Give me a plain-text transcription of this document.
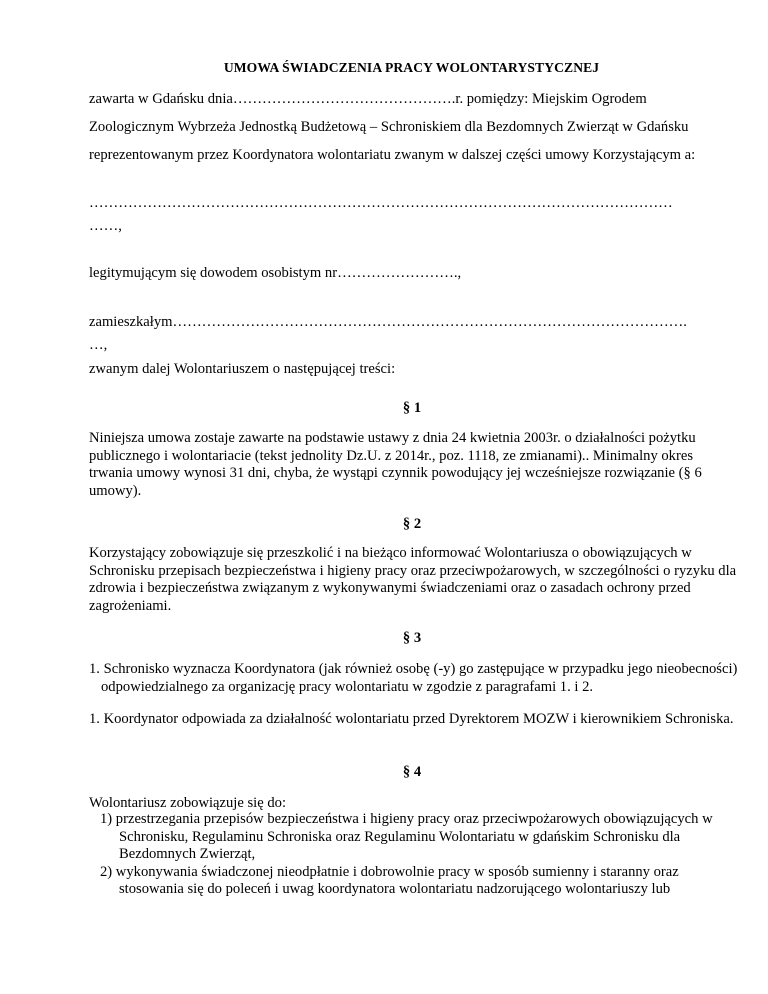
UMOWA ŚWIADCZENIA PRACY WOLONTARYSTYCZNEJ
zawarta w Gdańsku dnia……………………………………….r. pomiędzy: Miejskim Ogrodem
Zoologicznym Wybrzeża Jednostką Budżetową – Schroniskiem dla Bezdomnych Zwierząt w Gdańsku
reprezentowanym przez Koordynatora wolontariatu zwanym w dalszej części umowy Korzystającym a:
…………………………………………………………………………………………………………
……,
legitymującym się dowodem osobistym nr…………………….,
zamieszkałym…………………………………………………………………………………………….
…,
zwanym dalej Wolontariuszem o następującej treści:
§ 1
Niniejsza umowa zostaje zawarte na podstawie ustawy z dnia 24 kwietnia 2003r. o działalności pożytku publicznego i wolontariacie (tekst jednolity Dz.U. z 2014r., poz. 1118, ze zmianami).. Minimalny okres trwania umowy wynosi 31 dni, chyba, że wystąpi czynnik powodujący jej wcześniejsze rozwiązanie (§ 6 umowy).
§ 2
Korzystający zobowiązuje się przeszkolić i na bieżąco informować Wolontariusza o obowiązujących w Schronisku przepisach bezpieczeństwa i higieny pracy oraz przeciwpożarowych, w szczególności o ryzyku dla zdrowia i bezpieczeństwa związanym z wykonywanymi świadczeniami oraz o zasadach ochrony przed zagrożeniami.
§ 3
1. Schronisko wyznacza Koordynatora (jak również osobę (-y) go zastępujące w przypadku jego nieobecności) odpowiedzialnego za organizację pracy wolontariatu w zgodzie z paragrafami 1. i 2.
1. Koordynator odpowiada za działalność wolontariatu przed Dyrektorem MOZW i kierownikiem Schroniska.
§ 4
Wolontariusz zobowiązuje się do:
1) przestrzegania przepisów bezpieczeństwa i higieny pracy oraz przeciwpożarowych obowiązujących w Schronisku, Regulaminu Schroniska oraz Regulaminu Wolontariatu w gdańskim Schronisku dla Bezdomnych Zwierząt,
2) wykonywania świadczonej nieodpłatnie i dobrowolnie pracy w sposób sumienny i staranny oraz stosowania się do poleceń i uwag koordynatora wolontariatu nadzorującego wolontariuszy lub
